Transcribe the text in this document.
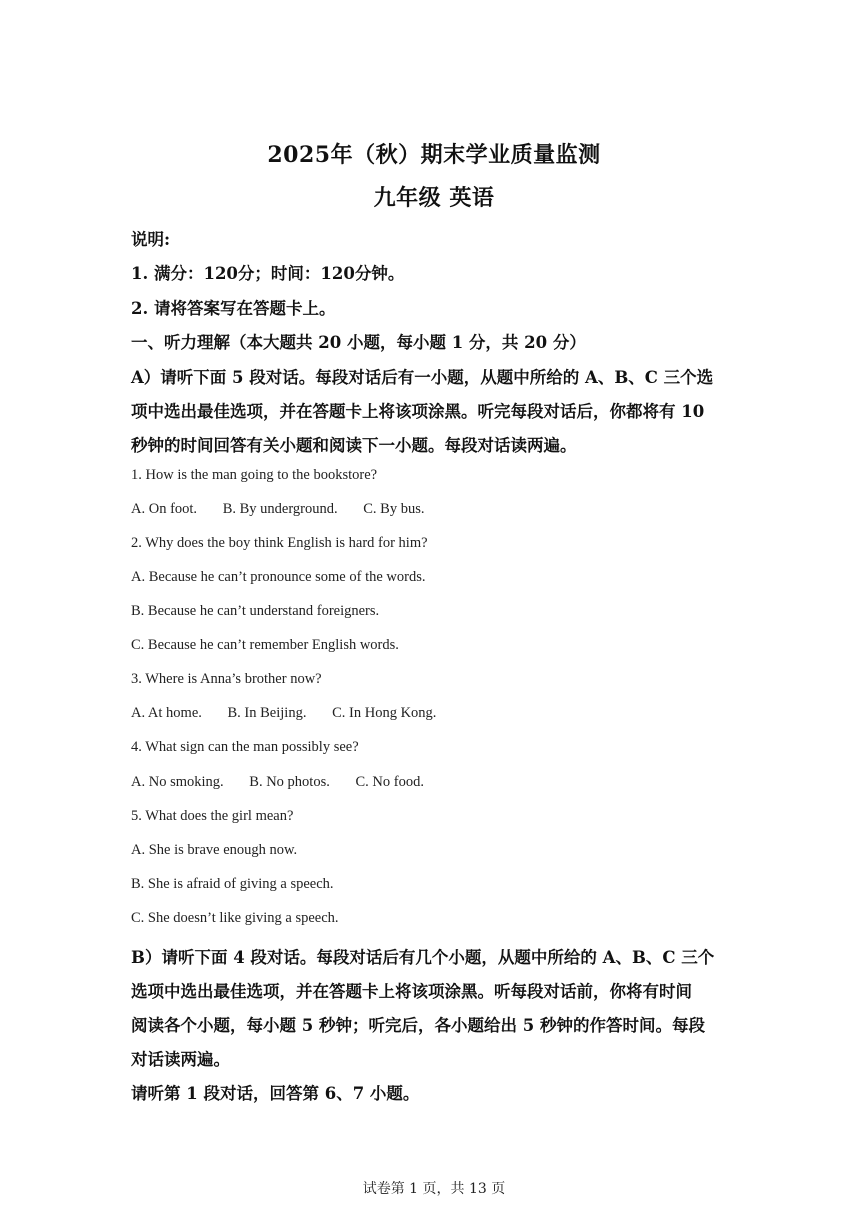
2025年（秋）期末学业质量监测
九年级 英语
说明:
1. 满分：120分；时间：120分钟。
2. 请将答案写在答题卡上。
一、听力理解（本大题共 20 小题，每小题 1 分，共 20 分）
A）请听下面 5 段对话。每段对话后有一小题，从题中所给的 A、B、C 三个选
项中选出最佳选项，并在答题卡上将该项涂黑。听完每段对话后，你都将有 10
秒钟的时间回答有关小题和阅读下一小题。每段对话读两遍。
1. How is the man going to the bookstore?
A. On foot. B. By underground. C. By bus.
2. Why does the boy think English is hard for him?
A. Because he can’t pronounce some of the words.
B. Because he can’t understand foreigners.
C. Because he can’t remember English words.
3. Where is Anna’s brother now?
A. At home. B. In Beijing. C. In Hong Kong.
4. What sign can the man possibly see?
A. No smoking. B. No photos. C. No food.
5. What does the girl mean?
A. She is brave enough now.
B. She is afraid of giving a speech.
C. She doesn’t like giving a speech.
B）请听下面 4 段对话。每段对话后有几个小题，从题中所给的 A、B、C 三个
选项中选出最佳选项，并在答题卡上将该项涂黑。听每段对话前，你将有时间
阅读各个小题，每小题 5 秒钟；听完后，各小题给出 5 秒钟的作答时间。每段
对话读两遍。
请听第 1 段对话，回答第 6、7 小题。
试卷第 1 页，共 13 页
